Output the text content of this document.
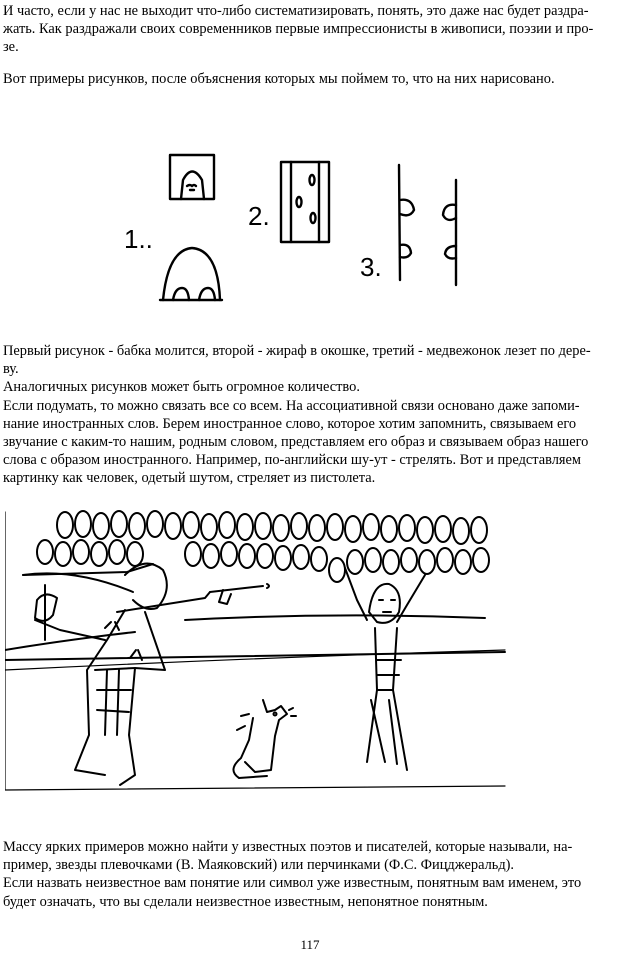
И часто, если у нас не выходит что-либо систематизировать, понять, это даже нас будет раздра-

жать. Как раздражали своих современников первые импрессионисты в живописи, поэзии и про-

зе.

Вот примеры рисунков, после объяснения которых мы поймем то, что на них нарисовано.

1..
2.
3.

Первый рисунок - бабка молится, второй - жираф в окошке, третий - медвежонок лезет по дере-

ву.

Аналогичных рисунков может быть огромное количество.

Если подумать, то можно связать все со всем. На ассоциативной связи основано даже запоми-

нание иностранных слов. Берем иностранное слово, которое хотим запомнить, связываем его

звучание с каким-то нашим, родным словом, представляем его образ и связываем образ нашего

слова с образом иностранного. Например, по-английски шу-ут - стрелять. Вот и представляем

картинку как человек, одетый шутом, стреляет из пистолета.

Массу ярких примеров можно найти у известных поэтов и писателей, которые называли, на-

пример, звезды плевочками (В. Маяковский) или перчинками (Ф.С. Фицджеральд).

Если назвать неизвестное вам понятие или символ уже известным, понятным вам именем, это

будет означать, что вы сделали неизвестное известным, непонятное понятным.

117
